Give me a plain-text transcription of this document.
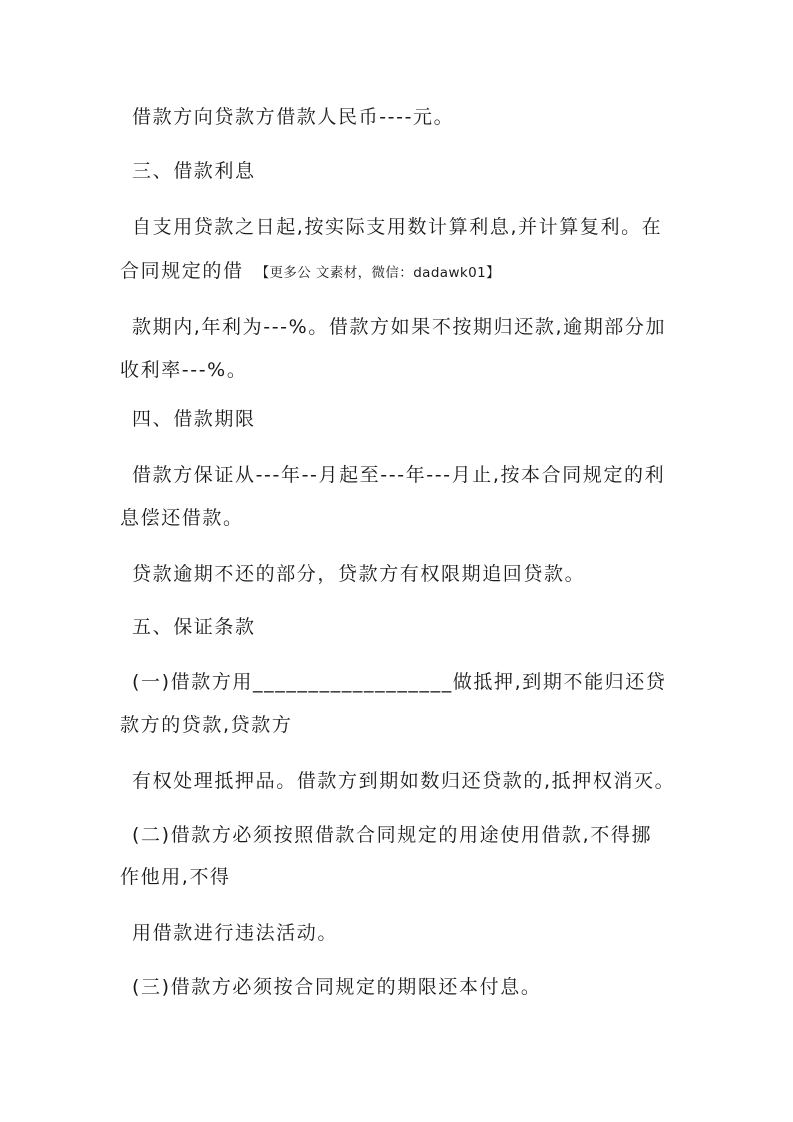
借款方向贷款方借款人民币----元。
三、借款利息
自支用贷款之日起,按实际支用数计算利息,并计算复利。在
合同规定的借 【更多公 文素材，微信：dadawk01】
款期内,年利为---%。借款方如果不按期归还款,逾期部分加
收利率---%。
四、借款期限
借款方保证从---年--月起至---年---月止,按本合同规定的利
息偿还借款。
贷款逾期不还的部分，贷款方有权限期追回贷款。
五、保证条款
(一)借款方用__________________做抵押,到期不能归还贷
款方的贷款,贷款方
有权处理抵押品。借款方到期如数归还贷款的,抵押权消灭。
(二)借款方必须按照借款合同规定的用途使用借款,不得挪
作他用,不得
用借款进行违法活动。
(三)借款方必须按合同规定的期限还本付息。
